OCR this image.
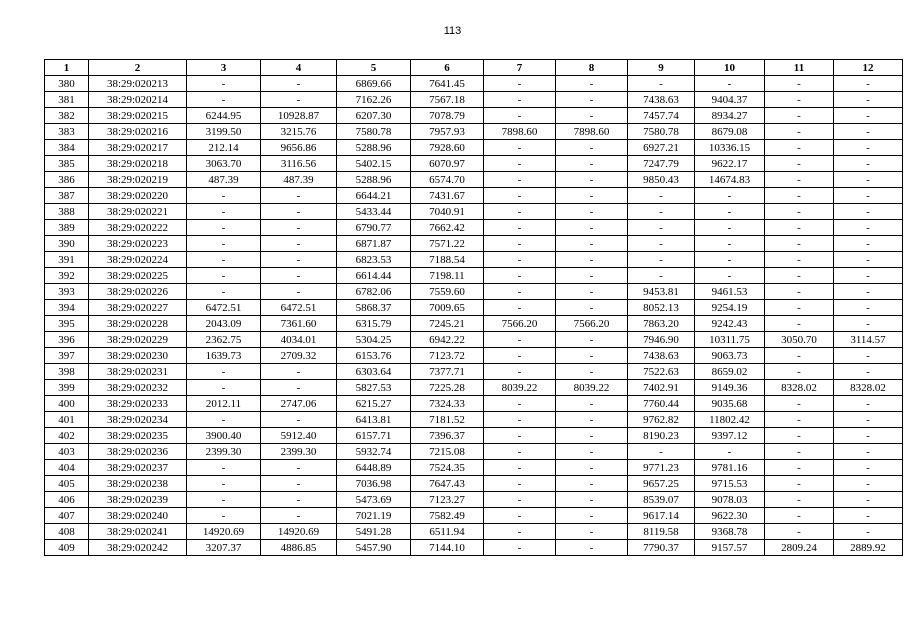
113
1	2	3	4	5	6	7	8	9	10	11	12
380	38:29:020213	-	-	6869.66	7641.45	-	-	-	-	-	-
381	38:29:020214	-	-	7162.26	7567.18	-	-	7438.63	9404.37	-	-
382	38:29:020215	6244.95	10928.87	6207.30	7078.79	-	-	7457.74	8934.27	-	-
383	38:29:020216	3199.50	3215.76	7580.78	7957.93	7898.60	7898.60	7580.78	8679.08	-	-
384	38:29:020217	212.14	9656.86	5288.96	7928.60	-	-	6927.21	10336.15	-	-
385	38:29:020218	3063.70	3116.56	5402.15	6070.97	-	-	7247.79	9622.17	-	-
386	38:29:020219	487.39	487.39	5288.96	6574.70	-	-	9850.43	14674.83	-	-
387	38:29:020220	-	-	6644.21	7431.67	-	-	-	-	-	-
388	38:29:020221	-	-	5433.44	7040.91	-	-	-	-	-	-
389	38:29:020222	-	-	6790.77	7662.42	-	-	-	-	-	-
390	38:29:020223	-	-	6871.87	7571.22	-	-	-	-	-	-
391	38:29:020224	-	-	6823.53	7188.54	-	-	-	-	-	-
392	38:29:020225	-	-	6614.44	7198.11	-	-	-	-	-	-
393	38:29:020226	-	-	6782.06	7559.60	-	-	9453.81	9461.53	-	-
394	38:29:020227	6472.51	6472.51	5868.37	7009.65	-	-	8052.13	9254.19	-	-
395	38:29:020228	2043.09	7361.60	6315.79	7245.21	7566.20	7566.20	7863.20	9242.43	-	-
396	38:29:020229	2362.75	4034.01	5304.25	6942.22	-	-	7946.90	10311.75	3050.70	3114.57
397	38:29:020230	1639.73	2709.32	6153.76	7123.72	-	-	7438.63	9063.73	-	-
398	38:29:020231	-	-	6303.64	7377.71	-	-	7522.63	8659.02	-	-
399	38:29:020232	-	-	5827.53	7225.28	8039.22	8039.22	7402.91	9149.36	8328.02	8328.02
400	38:29:020233	2012.11	2747.06	6215.27	7324.33	-	-	7760.44	9035.68	-	-
401	38:29:020234	-	-	6413.81	7181.52	-	-	9762.82	11802.42	-	-
402	38:29:020235	3900.40	5912.40	6157.71	7396.37	-	-	8190.23	9397.12	-	-
403	38:29:020236	2399.30	2399.30	5932.74	7215.08	-	-	-	-	-	-
404	38:29:020237	-	-	6448.89	7524.35	-	-	9771.23	9781.16	-	-
405	38:29:020238	-	-	7036.98	7647.43	-	-	9657.25	9715.53	-	-
406	38:29:020239	-	-	5473.69	7123.27	-	-	8539.07	9078.03	-	-
407	38:29:020240	-	-	7021.19	7582.49	-	-	9617.14	9622.30	-	-
408	38:29:020241	14920.69	14920.69	5491.28	6511.94	-	-	8119.58	9368.78	-	-
409	38:29:020242	3207.37	4886.85	5457.90	7144.10	-	-	7790.37	9157.57	2809.24	2889.92
